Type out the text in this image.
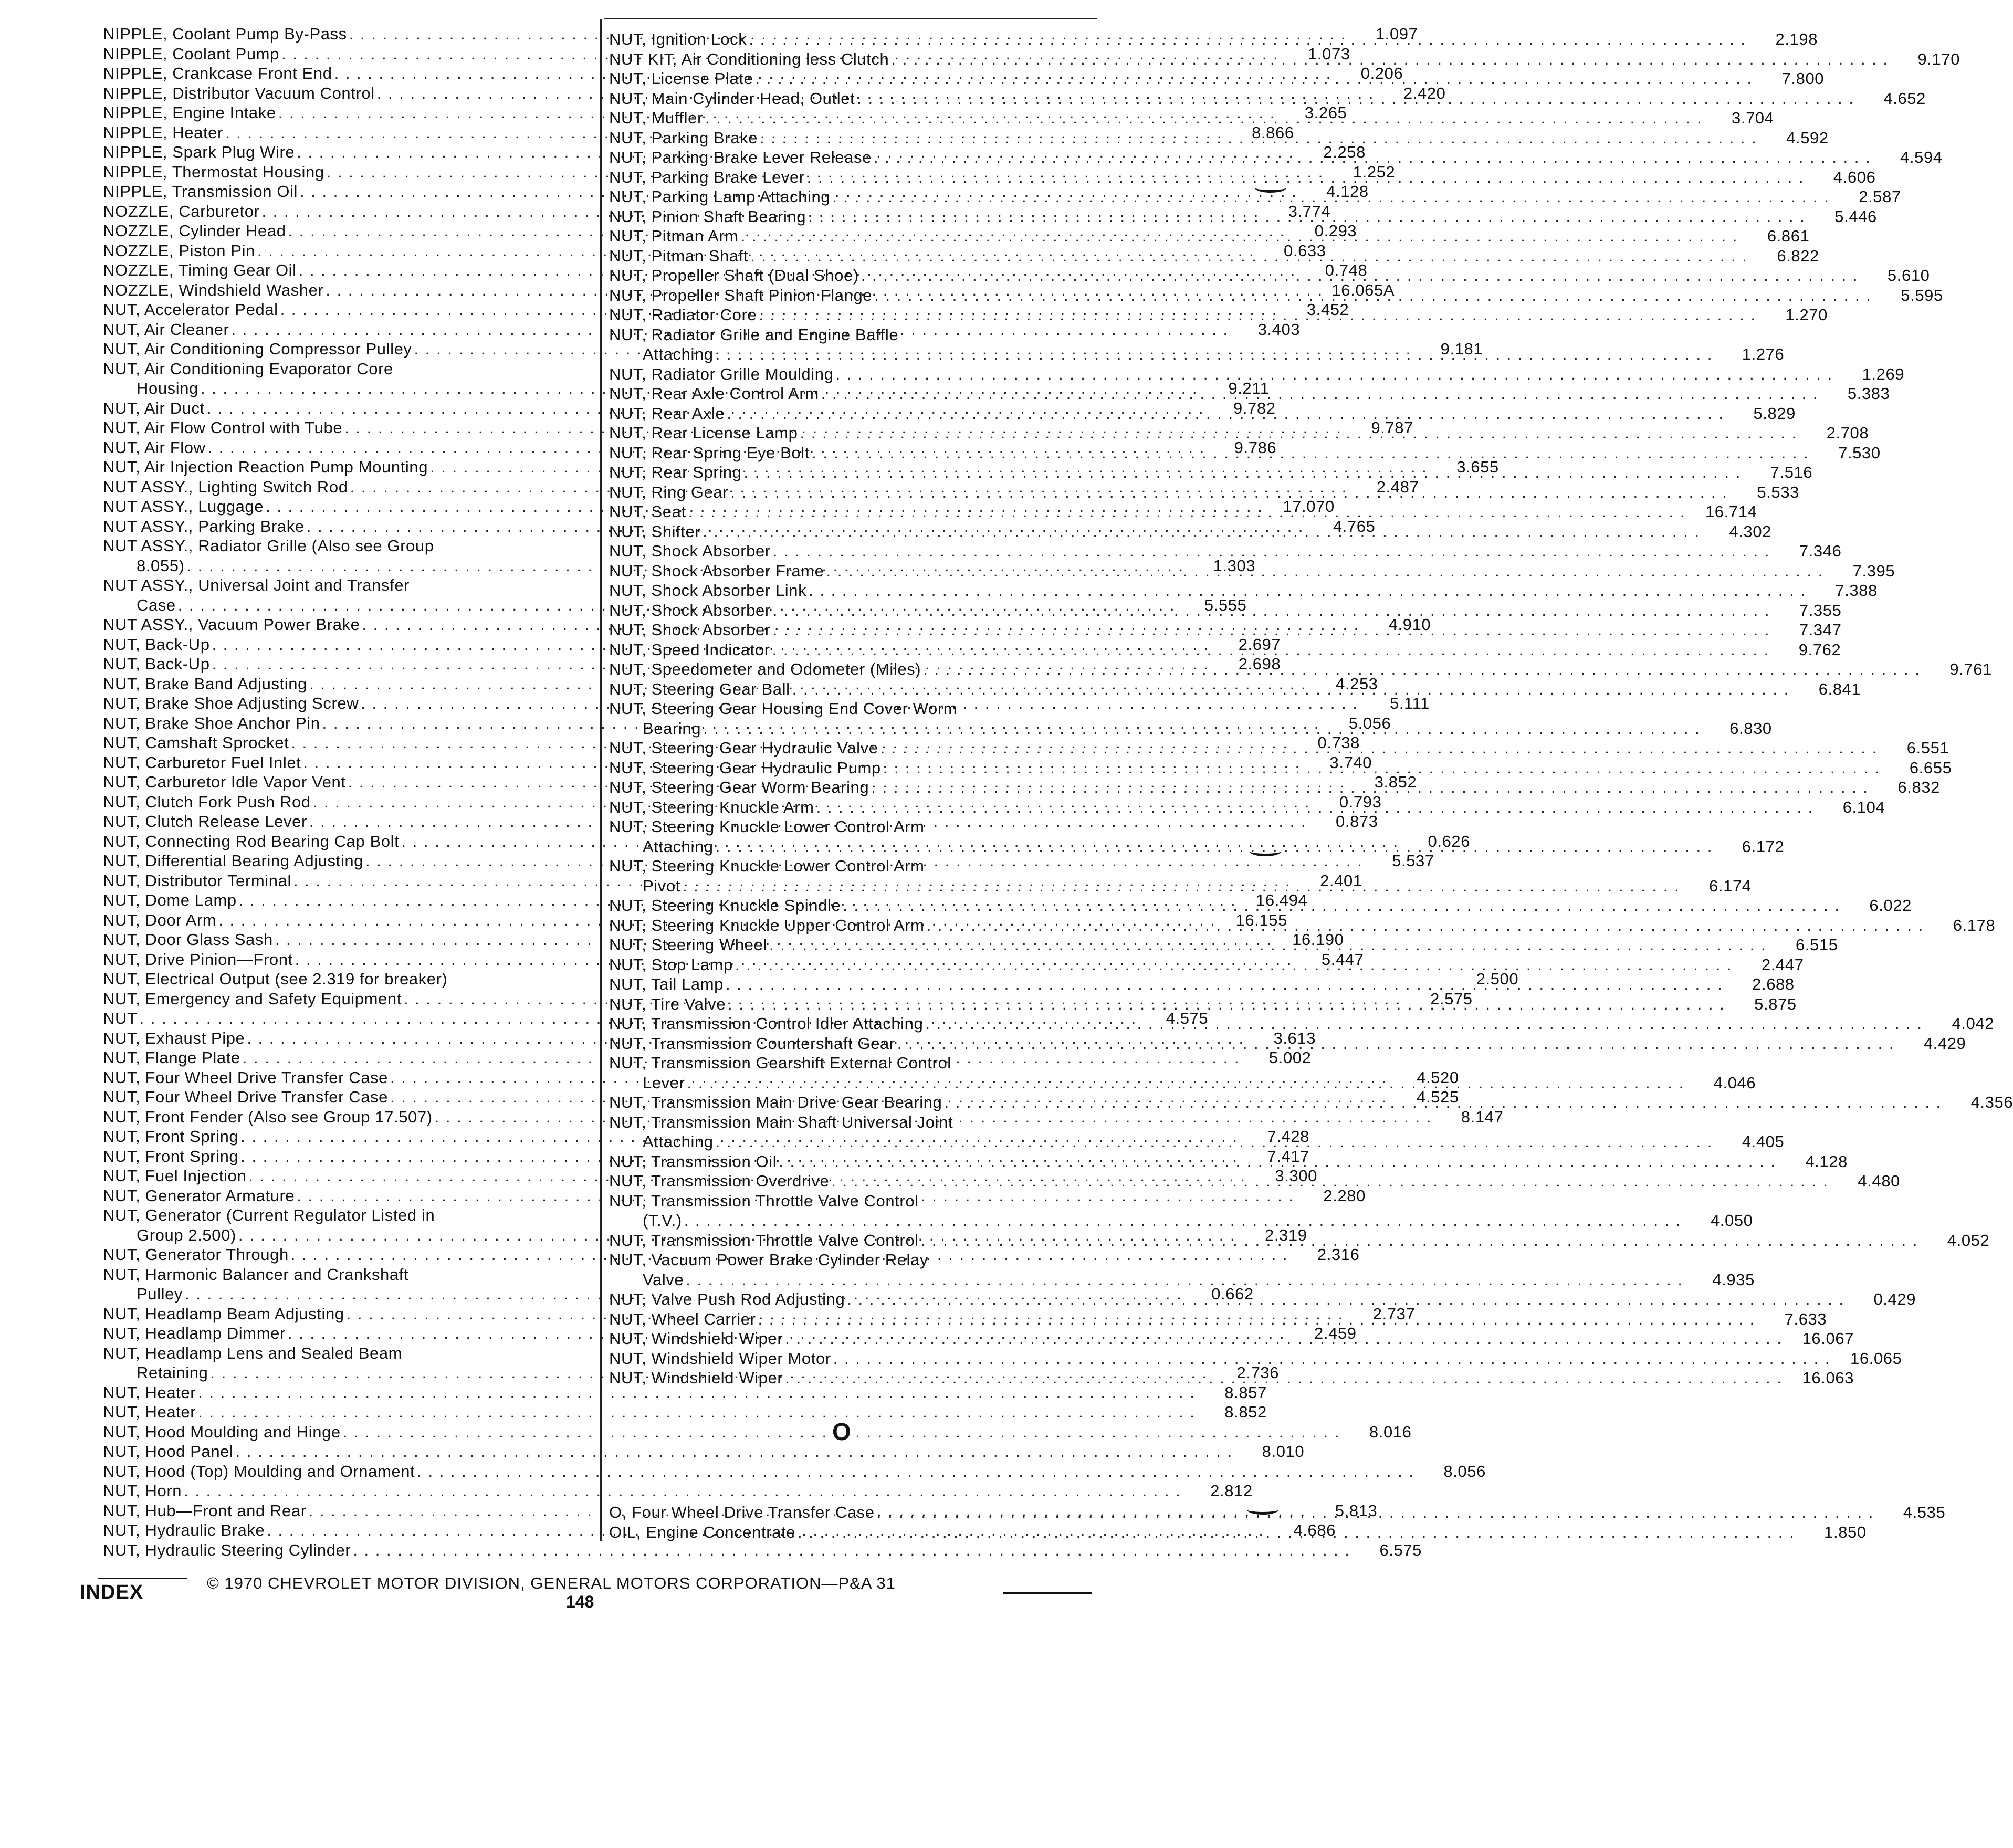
NIPPLE, Coolant Pump By-Pass . . .	1.097
NIPPLE, Coolant Pump . . .	1.073
NIPPLE, Crankcase Front End . . .	0.206
NIPPLE, Distributor Vacuum Control . . .	2.420
NIPPLE, Engine Intake . . .	3.265
NIPPLE, Heater . . .	8.866
NIPPLE, Spark Plug Wire . . .	2.258
NIPPLE, Thermostat Housing . . .	1.252
NIPPLE, Transmission Oil . . .	4.128
NOZZLE, Carburetor . . .	3.774
NOZZLE, Cylinder Head . . .	0.293
NOZZLE, Piston Pin . . .	0.633
NOZZLE, Timing Gear Oil . . .	0.748
NOZZLE, Windshield Washer . . .	16.065A
NUT, Accelerator Pedal . . .	3.452
NUT, Air Cleaner . . .	3.403
NUT, Air Conditioning Compressor Pulley . . .	9.181
NUT, Air Conditioning Evaporator Core
Housing . . .	9.211
NUT, Air Duct . . .	9.782
NUT, Air Flow Control with Tube . . .	9.787
NUT, Air Flow . . .	9.786
NUT, Air Injection Reaction Pump Mounting . . .	3.655
NUT ASSY., Lighting Switch Rod . . .	2.487
NUT ASSY., Luggage . . .	17.070
NUT ASSY., Parking Brake . . .	4.765
NUT ASSY., Radiator Grille (Also see Group
8.055) . . .	1.303
NUT ASSY., Universal Joint and Transfer
Case . . .	5.555
NUT ASSY., Vacuum Power Brake . . .	4.910
NUT, Back-Up . . .	2.697
NUT, Back-Up . . .	2.698
NUT, Brake Band Adjusting . . .	4.253
NUT, Brake Shoe Adjusting Screw . . .	5.111
NUT, Brake Shoe Anchor Pin . . .	5.056
NUT, Camshaft Sprocket . . .	0.738
NUT, Carburetor Fuel Inlet . . .	3.740
NUT, Carburetor Idle Vapor Vent . . .	3.852
NUT, Clutch Fork Push Rod . . .	0.793
NUT, Clutch Release Lever . . .	0.873
NUT, Connecting Rod Bearing Cap Bolt . . .	0.626
NUT, Differential Bearing Adjusting . . .	5.537
NUT, Distributor Terminal . . .	2.401
NUT, Dome Lamp . . .	16.494
NUT, Door Arm . . .	16.155
NUT, Door Glass Sash . . .	16.190
NUT, Drive Pinion—Front . . .	5.447
NUT, Electrical Output (see 2.319 for breaker)	2.500
NUT, Emergency and Safety Equipment . . .	2.575
NUT . . .	4.575
NUT, Exhaust Pipe . . .	3.613
NUT, Flange Plate . . .	5.002
NUT, Four Wheel Drive Transfer Case . . .	4.520
NUT, Four Wheel Drive Transfer Case . . .	4.525
NUT, Front Fender (Also see Group 17.507) . . .	8.147
NUT, Front Spring . . .	7.428
NUT, Front Spring . . .	7.417
NUT, Fuel Injection . . .	3.300
NUT, Generator Armature . . .	2.280
NUT, Generator (Current Regulator Listed in
Group 2.500) . . .	2.319
NUT, Generator Through . . .	2.316
NUT, Harmonic Balancer and Crankshaft
Pulley . . .	0.662
NUT, Headlamp Beam Adjusting . . .	2.737
NUT, Headlamp Dimmer . . .	2.459
NUT, Headlamp Lens and Sealed Beam
Retaining . . .	2.736
NUT, Heater . . .	8.857
NUT, Heater . . .	8.852
NUT, Hood Moulding and Hinge . . .	8.016
NUT, Hood Panel . . .	8.010
NUT, Hood (Top) Moulding and Ornament . . .	8.056
NUT, Horn . . .	2.812
NUT, Hub—Front and Rear . . .	5.813
NUT, Hydraulic Brake . . .	4.686
NUT, Hydraulic Steering Cylinder . . .	6.575
NUT, Ignition Lock . . .	2.198
NUT KIT, Air Conditioning less Clutch . . .	9.170
NUT, License Plate . . .	7.800
NUT, Main Cylinder Head, Outlet . . .	4.652
NUT, Muffler . . .	3.704
NUT, Parking Brake . . .	4.592
NUT, Parking Brake Lever Release . . .	4.594
NUT, Parking Brake Lever . . .	4.606
NUT, Parking Lamp Attaching . . .	2.587
NUT, Pinion Shaft Bearing . . .	5.446
NUT, Pitman Arm . . .	6.861
NUT, Pitman Shaft . . .	6.822
NUT, Propeller Shaft (Dual Shoe) . . .	5.610
NUT, Propeller Shaft Pinion Flange . . .	5.595
NUT, Radiator Core . . .	1.270
NUT, Radiator Grille and Engine Baffle
Attaching . . .	1.276
NUT, Radiator Grille Moulding . . .	1.269
NUT, Rear Axle Control Arm . . .	5.383
NUT, Rear Axle . . .	5.829
NUT, Rear License Lamp . . .	2.708
NUT, Rear Spring Eye Bolt . . .	7.530
NUT, Rear Spring . . .	7.516
NUT, Ring Gear . . .	5.533
NUT, Seat . . .	16.714
NUT, Shifter . . .	4.302
NUT, Shock Absorber . . .	7.346
NUT, Shock Absorber Frame . . .	7.395
NUT, Shock Absorber Link . . .	7.388
NUT, Shock Absorber . . .	7.355
NUT, Shock Absorber . . .	7.347
NUT, Speed Indicator . . .	9.762
NUT, Speedometer and Odometer (Miles) . . .	9.761
NUT, Steering Gear Ball . . .	6.841
NUT, Steering Gear Housing End Cover Worm
Bearing . . .	6.830
NUT, Steering Gear Hydraulic Valve . . .	6.551
NUT, Steering Gear Hydraulic Pump . . .	6.655
NUT, Steering Gear Worm Bearing . . .	6.832
NUT, Steering Knuckle Arm . . .	6.104
NUT, Steering Knuckle Lower Control Arm
Attaching . . .	6.172
NUT, Steering Knuckle Lower Control Arm
Pivot . . .	6.174
NUT, Steering Knuckle Spindle . . .	6.022
NUT, Steering Knuckle Upper Control Arm . . .	6.178
NUT, Steering Wheel . . .	6.515
NUT, Stop Lamp . . .	2.447
NUT, Tail Lamp . . .	2.688
NUT, Tire Valve . . .	5.875
NUT, Transmission Control Idler Attaching . . .	4.042
NUT, Transmission Countershaft Gear . . .	4.429
NUT, Transmission Gearshift External Control
Lever . . .	4.046
NUT, Transmission Main Drive Gear Bearing . . .	4.356
NUT, Transmission Main Shaft Universal Joint
Attaching . . .	4.405
NUT, Transmission Oil . . .	4.128
NUT, Transmission Overdrive . . .	4.480
NUT, Transmission Throttle Valve Control
(T.V.) . . .	4.050
NUT, Transmission Throttle Valve Control . . .	4.052
NUT, Vacuum Power Brake Cylinder Relay
Valve . . .	4.935
NUT, Valve Push Rod Adjusting . . .	0.429
NUT, Wheel Carrier . . .	7.633
NUT, Windshield Wiper . . .	16.067
NUT, Windshield Wiper Motor . . .	16.065
NUT, Windshield Wiper . . .	16.063
O
O, Four Wheel Drive Transfer Case . . .	4.535
OIL, Engine Concentrate . . .	1.850
INDEX	© 1970 CHEVROLET MOTOR DIVISION, GENERAL MOTORS CORPORATION—P&A 31
148
